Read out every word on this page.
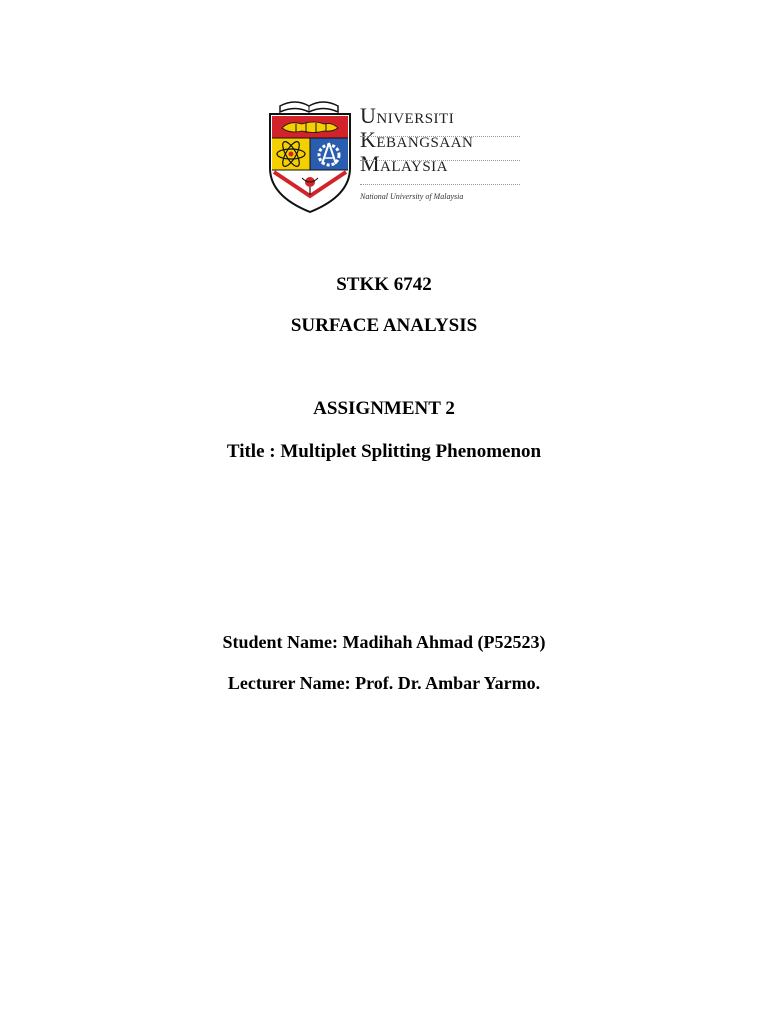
Universiti
Kebangsaan
Malaysia
National University of Malaysia
STKK 6742
SURFACE ANALYSIS
ASSIGNMENT 2
Title : Multiplet Splitting Phenomenon
Student Name: Madihah Ahmad (P52523)
Lecturer Name: Prof. Dr. Ambar Yarmo.
